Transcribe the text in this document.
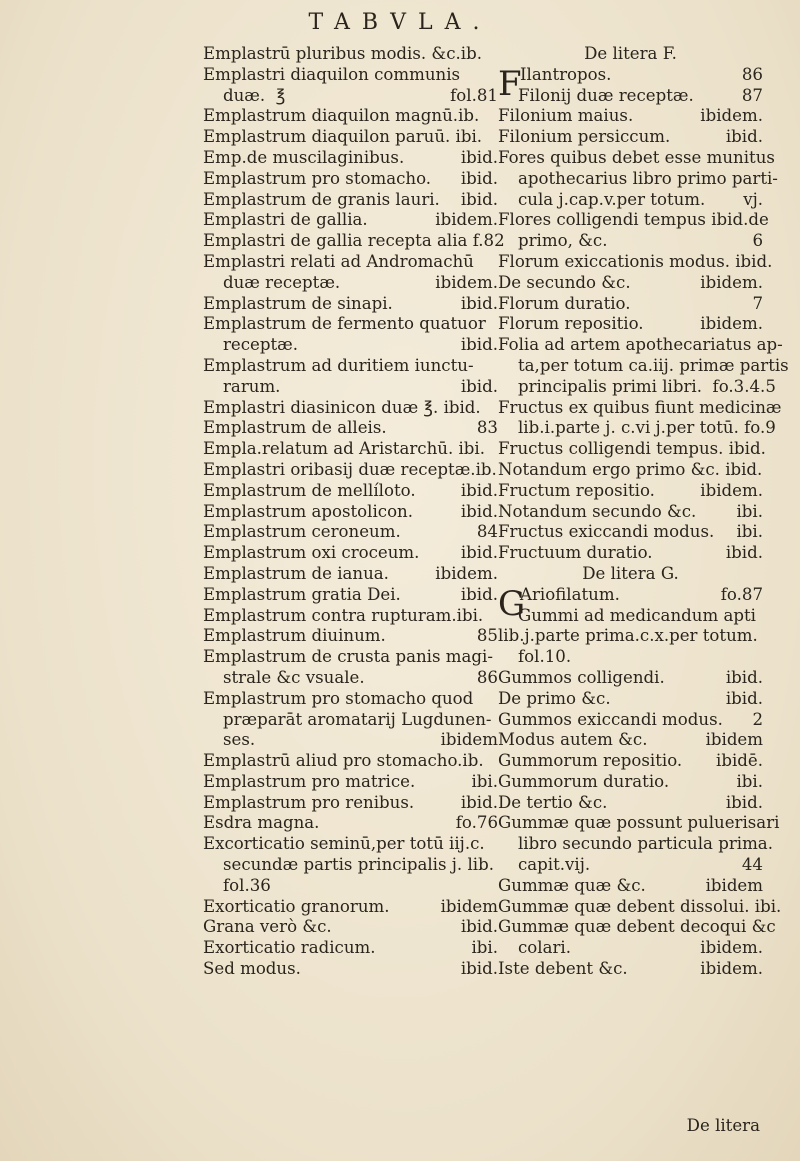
TABVLA.
Emplastrū pluribus modis. &c.ib.
Emplastri diaquilon communis
duæ.  ℥	fol.81
Emplastrum diaquilon magnū.ib.
Emplastrum diaquilon paruū. ibi.
Emp.de muscilaginibus.	ibid.
Emplastrum pro stomacho. ibid.
Emplastrum de granis lauri. ibid.
Emplastri de gallia.	ibidem.
Emplastri de gallia recepta alia f.82
Emplastri relati ad Andromachū
duæ receptæ.	ibidem.
Emplastrum de sinapi.	ibid.
Emplastrum de fermento quatuor
receptæ.	ibid.
Emplastrum ad duritiem iunctu-
rarum.	ibid.
Emplastri diasinicon duæ ℥. ibid.
Emplastrum de alleis.	83
Empla.relatum ad Aristarchū. ibi.
Emplastri oribasij duæ receptæ.ib.
Emplastrum de mellíloto.	ibid.
Emplastrum apostolicon.	ibid.
Emplastrum ceroneum.	84
Emplastrum oxi croceum. ibid.
Emplastrum de ianua.	ibidem.
Emplastrum gratia Dei.	ibid.
Emplastrum contra rupturam.ibi.
Emplastrum diuinum.	85
Emplastrum de crusta panis magi-
strale &c vsuale.	86
Emplastrum pro stomacho quod
præparāt aromatarij Lugdunen-
ses.	ibidem
Emplastrū aliud pro stomacho.ib.
Emplastrum pro matrice.	ibi.
Emplastrum pro renibus.	ibid.
Esdra magna.	fo.76
Excorticatio seminū,per totū iij.c.
secundæ partis principalis j. lib.
fol.36
Exorticatio granorum.	ibidem
Grana verò &c.	ibid.
Exorticatio radicum.	ibi.
Sed modus.	ibid.
De litera F.
F
Ilantropos.	86
Filonij duæ receptæ.	87
Filonium maius.	ibidem.
Filonium persiccum.	ibid.
Fores quibus debet esse munitus
apothecarius libro primo parti-
cula j.cap.v.per totum. vj.
Flores colligendi tempus ibid.de
primo, &c.	6
Florum exiccationis modus. ibid.
De secundo &c.	ibidem.
Florum duratio.	7
Florum repositio.	ibidem.
Folia ad artem apothecariatus ap-
ta,per totum ca.iij. primæ partis
principalis primi libri.  fo.3.4.5
Fructus ex quibus fiunt medicinæ
lib.i.parte j. c.vi j.per totū. fo.9
Fructus colligendi tempus. ibid.
Notandum ergo primo &c. ibid.
Fructum repositio.	ibidem.
Notandum secundo &c. ibi.
Fructus exiccandi modus. ibi.
Fructuum duratio.	ibid.
De litera G.
G
Ariofilatum.	fo.87
Gummi ad medicandum apti
lib.j.parte prima.c.x.per totum.
fol.10.
Gummos colligendi.	ibid.
De primo &c.	ibid.
Gummos exiccandi modus. 2
Modus autem &c.	ibidem
Gummorum repositio. ibidē.
Gummorum duratio.	ibi.
De tertio &c.	ibid.
Gummæ quæ possunt puluerisari
libro secundo particula prima.
capit.vij.	44
Gummæ quæ &c.	ibidem
Gummæ quæ debent dissolui. ibi.
Gummæ quæ debent decoqui &c
colari.	ibidem.
Iste debent &c.	ibidem.
De litera
